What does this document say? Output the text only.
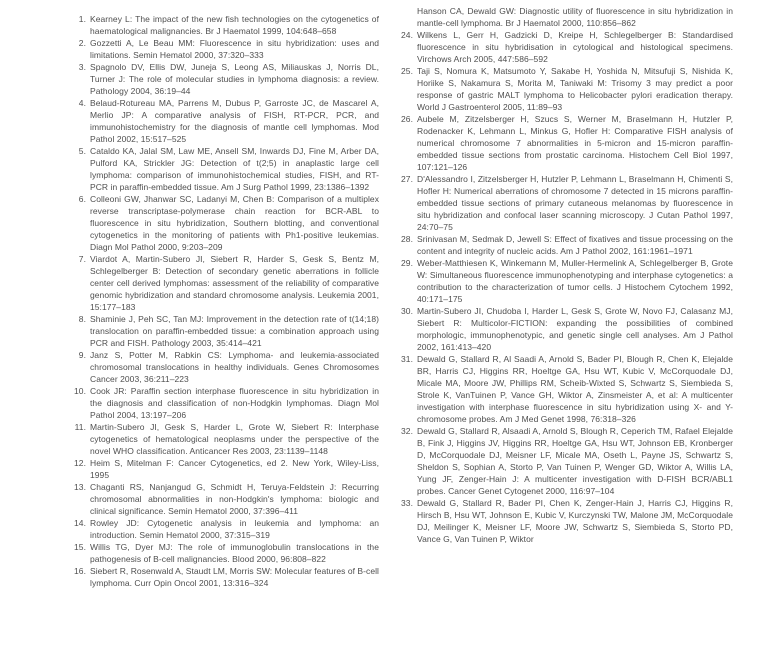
1. Kearney L: The impact of the new fish technologies on the cytogenetics of haematological malignancies. Br J Haematol 1999, 104:648–658
2. Gozzetti A, Le Beau MM: Fluorescence in situ hybridization: uses and limitations. Semin Hematol 2000, 37:320–333
3. Spagnolo DV, Ellis DW, Juneja S, Leong AS, Miliauskas J, Norris DL, Turner J: The role of molecular studies in lymphoma diagnosis: a review. Pathology 2004, 36:19–44
4. Belaud-Rotureau MA, Parrens M, Dubus P, Garroste JC, de Mascarel A, Merlio JP: A comparative analysis of FISH, RT-PCR, PCR, and immunohistochemistry for the diagnosis of mantle cell lymphomas. Mod Pathol 2002, 15:517–525
5. Cataldo KA, Jalal SM, Law ME, Ansell SM, Inwards DJ, Fine M, Arber DA, Pulford KA, Strickler JG: Detection of t(2;5) in anaplastic large cell lymphoma: comparison of immunohistochemical studies, FISH, and RT-PCR in paraffin-embedded tissue. Am J Surg Pathol 1999, 23:1386–1392
6. Colleoni GW, Jhanwar SC, Ladanyi M, Chen B: Comparison of a multiplex reverse transcriptase-polymerase chain reaction for BCR-ABL to fluorescence in situ hybridization, Southern blotting, and conventional cytogenetics in the monitoring of patients with Ph1-positive leukemias. Diagn Mol Pathol 2000, 9:203–209
7. Viardot A, Martin-Subero JI, Siebert R, Harder S, Gesk S, Bentz M, Schlegelberger B: Detection of secondary genetic aberrations in follicle center cell derived lymphomas: assessment of the reliability of comparative genomic hybridization and standard chromosome analysis. Leukemia 2001, 15:177–183
8. Shaminie J, Peh SC, Tan MJ: Improvement in the detection rate of t(14;18) translocation on paraffin-embedded tissue: a combination approach using PCR and FISH. Pathology 2003, 35:414–421
9. Janz S, Potter M, Rabkin CS: Lymphoma- and leukemia-associated chromosomal translocations in healthy individuals. Genes Chromosomes Cancer 2003, 36:211–223
10. Cook JR: Paraffin section interphase fluorescence in situ hybridization in the diagnosis and classification of non-Hodgkin lymphomas. Diagn Mol Pathol 2004, 13:197–206
11. Martin-Subero JI, Gesk S, Harder L, Grote W, Siebert R: Interphase cytogenetics of hematological neoplasms under the perspective of the novel WHO classification. Anticancer Res 2003, 23:1139–1148
12. Heim S, Mitelman F: Cancer Cytogenetics, ed 2. New York, Wiley-Liss, 1995
13. Chaganti RS, Nanjangud G, Schmidt H, Teruya-Feldstein J: Recurring chromosomal abnormalities in non-Hodgkin's lymphoma: biologic and clinical significance. Semin Hematol 2000, 37:396–411
14. Rowley JD: Cytogenetic analysis in leukemia and lymphoma: an introduction. Semin Hematol 2000, 37:315–319
15. Willis TG, Dyer MJ: The role of immunoglobulin translocations in the pathogenesis of B-cell malignancies. Blood 2000, 96:808–822
16. Siebert R, Rosenwald A, Staudt LM, Morris SW: Molecular features of B-cell lymphoma. Curr Opin Oncol 2001, 13:316–324
Hanson CA, Dewald GW: Diagnostic utility of fluorescence in situ hybridization in mantle-cell lymphoma. Br J Haematol 2000, 110:856–862
24. Wilkens L, Gerr H, Gadzicki D, Kreipe H, Schlegelberger B: Standardised fluorescence in situ hybridisation in cytological and histological specimens. Virchows Arch 2005, 447:586–592
25. Taji S, Nomura K, Matsumoto Y, Sakabe H, Yoshida N, Mitsufuji S, Nishida K, Horiike S, Nakamura S, Morita M, Taniwaki M: Trisomy 3 may predict a poor response of gastric MALT lymphoma to Helicobacter pylori eradication therapy. World J Gastroenterol 2005, 11:89–93
26. Aubele M, Zitzelsberger H, Szucs S, Werner M, Braselmann H, Hutzler P, Rodenacker K, Lehmann L, Minkus G, Hofler H: Comparative FISH analysis of numerical chromosome 7 abnormalities in 5-micron and 15-micron paraffin-embedded tissue sections from prostatic carcinoma. Histochem Cell Biol 1997, 107:121–126
27. D'Alessandro I, Zitzelsberger H, Hutzler P, Lehmann L, Braselmann H, Chimenti S, Hofler H: Numerical aberrations of chromosome 7 detected in 15 microns paraffin-embedded tissue sections of primary cutaneous melanomas by fluorescence in situ hybridization and confocal laser scanning microscopy. J Cutan Pathol 1997, 24:70–75
28. Srinivasan M, Sedmak D, Jewell S: Effect of fixatives and tissue processing on the content and integrity of nucleic acids. Am J Pathol 2002, 161:1961–1971
29. Weber-Matthiesen K, Winkemann M, Muller-Hermelink A, Schlegelberger B, Grote W: Simultaneous fluorescence immunophenotyping and interphase cytogenetics: a contribution to the characterization of tumor cells. J Histochem Cytochem 1992, 40:171–175
30. Martin-Subero JI, Chudoba I, Harder L, Gesk S, Grote W, Novo FJ, Calasanz MJ, Siebert R: Multicolor-FICTION: expanding the possibilities of combined morphologic, immunophenotypic, and genetic single cell analyses. Am J Pathol 2002, 161:413–420
31. Dewald G, Stallard R, Al Saadi A, Arnold S, Bader PI, Blough R, Chen K, Elejalde BR, Harris CJ, Higgins RR, Hoeltge GA, Hsu WT, Kubic V, McCorquodale DJ, Micale MA, Moore JW, Phillips RM, Scheib-Wixted S, Schwartz S, Siembieda S, Strole K, VanTuinen P, Vance GH, Wiktor A, Zinsmeister A, et al: A multicenter investigation with interphase fluorescence in situ hybridization using X- and Y-chromosome probes. Am J Med Genet 1998, 76:318–326
32. Dewald G, Stallard R, Alsaadi A, Arnold S, Blough R, Ceperich TM, Rafael Elejalde B, Fink J, Higgins JV, Higgins RR, Hoeltge GA, Hsu WT, Johnson EB, Kronberger D, McCorquodale DJ, Meisner LF, Micale MA, Oseth L, Payne JS, Schwartz S, Sheldon S, Sophian A, Storto P, Van Tuinen P, Wenger GD, Wiktor A, Willis LA, Yung JF, Zenger-Hain J: A multicenter investigation with D-FISH BCR/ABL1 probes. Cancer Genet Cytogenet 2000, 116:97–104
33. Dewald G, Stallard R, Bader PI, Chen K, Zenger-Hain J, Harris CJ, Higgins R, Hirsch B, Hsu WT, Johnson E, Kubic V, Kurczynski TW, Malone JM, McCorquodale DJ, Meilinger K, Meisner LF, Moore JW, Schwartz S, Siembieda S, Storto PD, Vance G, Van Tuinen P, Wiktor
